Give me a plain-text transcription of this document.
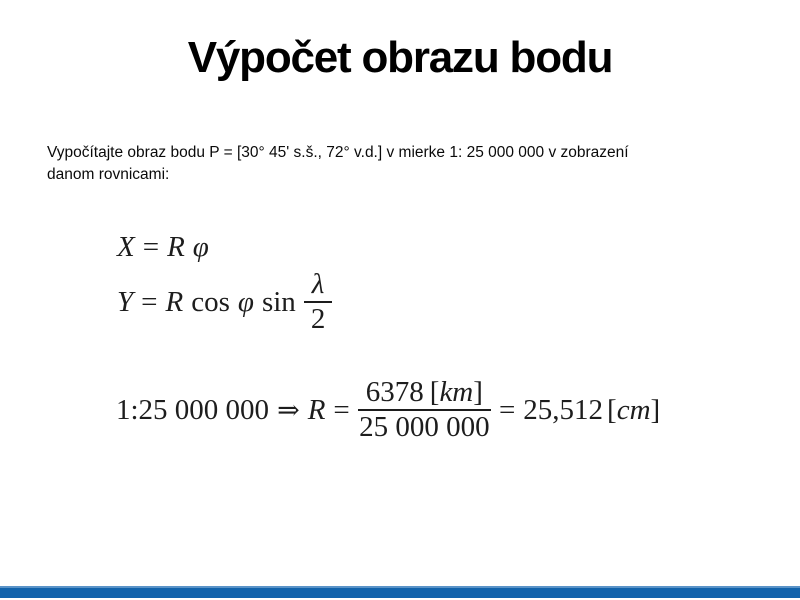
Výpočet obrazu bodu
Vypočítajte obraz bodu P = [30° 45' s.š., 72° v.d.] v mierke 1: 25 000 000 v zobrazení
danom rovnicami:
X = R φ
Y = R cos φ $\sin \frac{\lambda}{2}$
1:25 000 000 ⇒ $R = \frac{6378 [km]}{25 000 000} = 25,512$ [cm]
